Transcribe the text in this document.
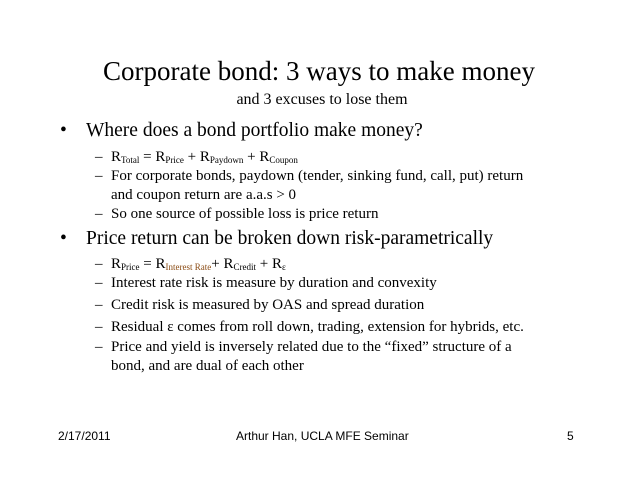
Corporate bond: 3 ways to make money
and 3 excuses to lose them
• Where does a bond portfolio make money?
– $R_{Total} = R_{Price} + R_{Paydown} + R_{Coupon}$
– For corporate bonds, paydown (tender, sinking fund, call, put) return
and coupon return are a.a.s > 0
– So one source of possible loss is price return
• Price return can be broken down risk-parametrically
– $R_{Price} = R_{Interest Rate}+ R_{Credit} + R_\varepsilon$
– Interest rate risk is measure by duration and convexity
– Credit risk is measured by OAS and spread duration
– Residual ε comes from roll down, trading, extension for hybrids, etc.
– Price and yield is inversely related due to the “fixed” structure of a
bond, and are dual of each other
2/17/2011	Arthur Han, UCLA MFE Seminar	5
